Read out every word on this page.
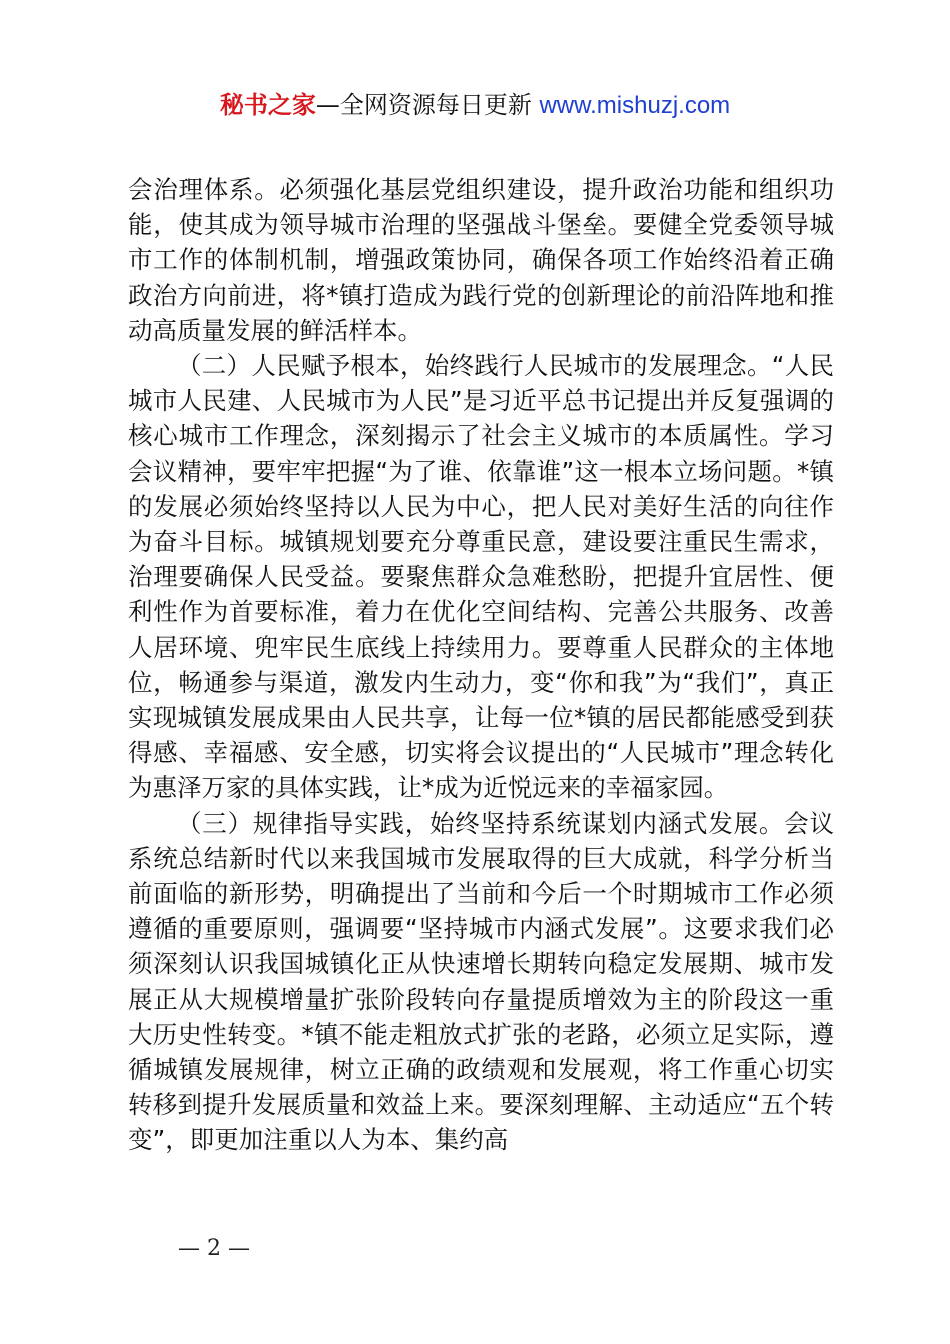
秘书之家—全网资源每日更新 www.mishuzj.com

会治理体系。必须强化基层党组织建设，提升政治功能和组织功能，使其成为领导城市治理的坚强战斗堡垒。要健全党委领导城市工作的体制机制，增强政策协同，确保各项工作始终沿着正确政治方向前进，将*镇打造成为践行党的创新理论的前沿阵地和推动高质量发展的鲜活样本。

（二）人民赋予根本，始终践行人民城市的发展理念。“人民城市人民建、人民城市为人民”是习近平总书记提出并反复强调的核心城市工作理念，深刻揭示了社会主义城市的本质属性。学习会议精神，要牢牢把握“为了谁、依靠谁”这一根本立场问题。*镇的发展必须始终坚持以人民为中心，把人民对美好生活的向往作为奋斗目标。城镇规划要充分尊重民意，建设要注重民生需求，治理要确保人民受益。要聚焦群众急难愁盼，把提升宜居性、便利性作为首要标准，着力在优化空间结构、完善公共服务、改善人居环境、兜牢民生底线上持续用力。要尊重人民群众的主体地位，畅通参与渠道，激发内生动力，变“你和我”为“我们”，真正实现城镇发展成果由人民共享，让每一位*镇的居民都能感受到获得感、幸福感、安全感，切实将会议提出的“人民城市”理念转化为惠泽万家的具体实践，让*成为近悦远来的幸福家园。

（三）规律指导实践，始终坚持系统谋划内涵式发展。会议系统总结新时代以来我国城市发展取得的巨大成就，科学分析当前面临的新形势，明确提出了当前和今后一个时期城市工作必须遵循的重要原则，强调要“坚持城市内涵式发展”。这要求我们必须深刻认识我国城镇化正从快速增长期转向稳定发展期、城市发展正从大规模增量扩张阶段转向存量提质增效为主的阶段这一重大历史性转变。*镇不能走粗放式扩张的老路，必须立足实际，遵循城镇发展规律，树立正确的政绩观和发展观，将工作重心切实转移到提升发展质量和效益上来。要深刻理解、主动适应“五个转变”，即更加注重以人为本、集约高

— 2 —
